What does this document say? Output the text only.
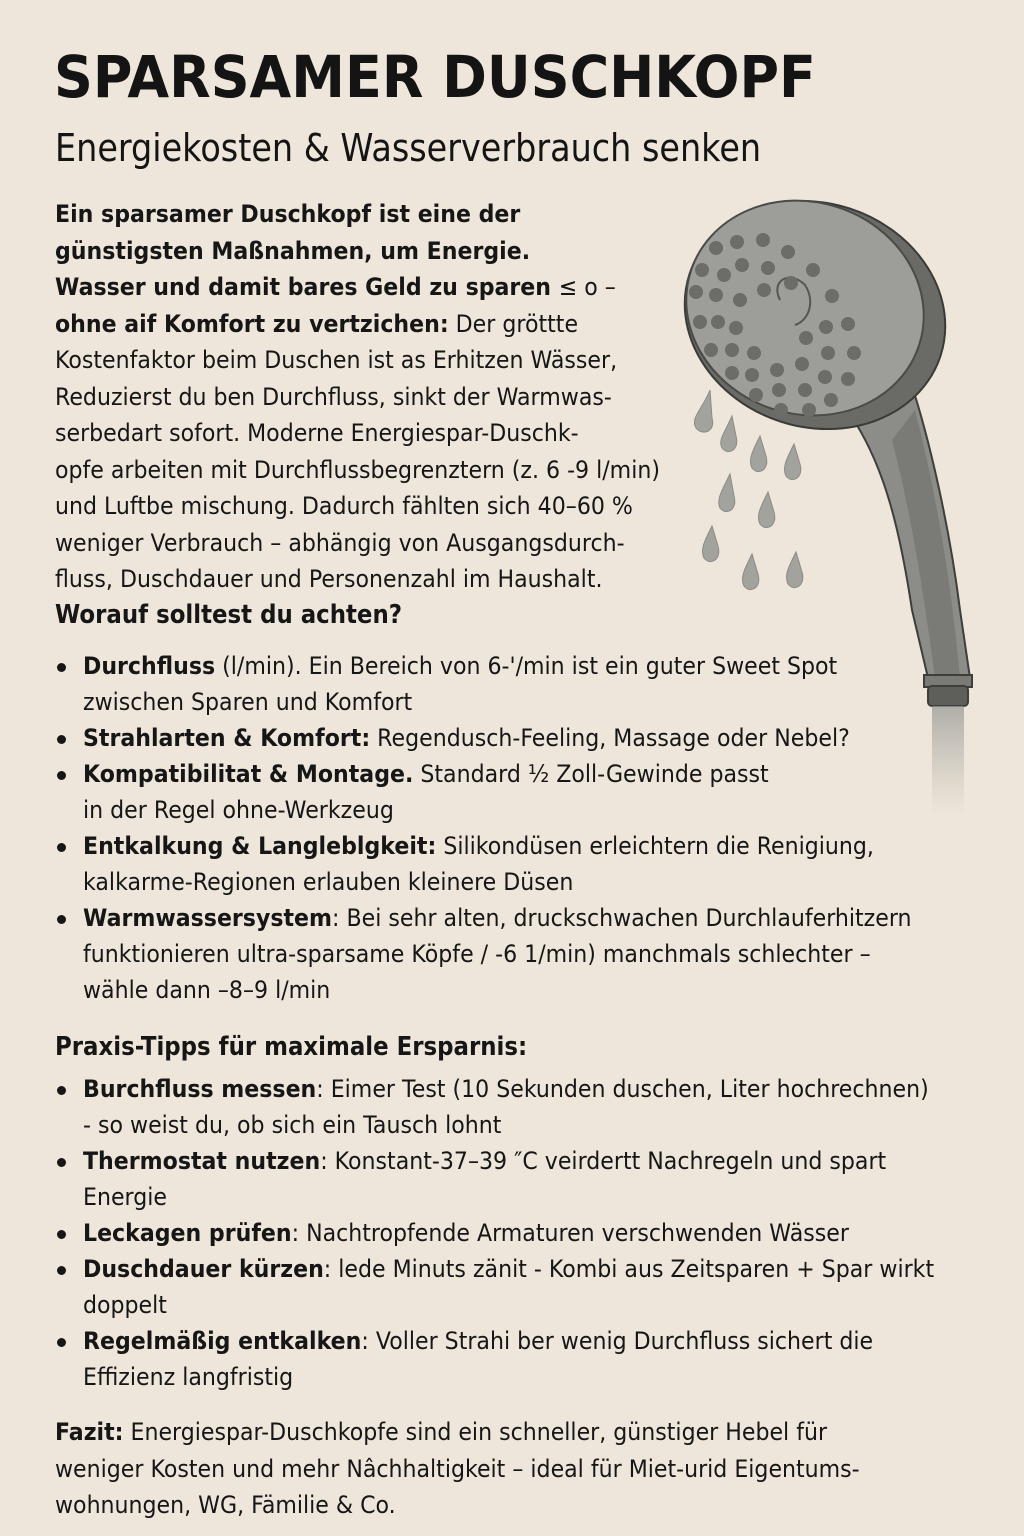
SPARSAMER DUSCHKOPF
Energiekosten & Wasserverbrauch senken
Ein sparsamer Duschkopf ist eine der
günstigsten Maßnahmen, um Energie.
Wasser und damit bares Geld zu sparen ≤ o –
ohne aif Komfort zu vertzichen: Der gröttte
Kostenfaktor beim Duschen ist as Erhitzen Wässer,
Reduzierst du ben Durchfluss, sinkt der Warmwas-
serbedart sofort. Moderne Energiespar-Duschk-
opfe arbeiten mit Durchflussbegrenztern (z. 6 -9 l/min)
und Luftbe mischung. Dadurch fählten sich 40–60 %
weniger Verbrauch – abhängig von Ausgangsdurch-
fluss, Duschdauer und Personenzahl im Haushalt.
Worauf solltest du achten?
Durchfluss (l/min). Ein Bereich von 6-'/min ist ein guter Sweet Spot
zwischen Sparen und Komfort
Strahlarten & Komfort: Regendusch-Feeling, Massage oder Nebel?
Kompatibilitat & Montage. Standard ½ Zoll-Gewinde passt
in der Regel ohne-Werkzeug
Entkalkung & Langleblgkeit: Silikondüsen erleichtern die Renigiung,
kalkarme-Regionen erlauben kleinere Düsen
Warmwassersystem: Bei sehr alten, druckschwachen Durchlauferhitzern
funktionieren ultra-sparsame Köpfe / -6 1/min) manchmals schlechter –
wähle dann –8–9 l/min
Praxis-Tipps für maximale Ersparnis:
Burchfluss messen: Eimer Test (10 Sekunden duschen, Liter hochrechnen)
- so weist du, ob sich ein Tausch lohnt
Thermostat nutzen: Konstant-37–39 ″C veirdertt Nachregeln und spart
Energie
Leckagen prüfen: Nachtropfende Armaturen verschwenden Wässer
Duschdauer kürzen: lede Minuts zänit - Kombi aus Zeitsparen + Spar wirkt
doppelt
Regelmäßig entkalken: Voller Strahi ber wenig Durchfluss sichert die
Effizienz langfristig
Fazit: Energiespar-Duschkopfe sind ein schneller, günstiger Hebel für
weniger Kosten und mehr Nâchhaltigkeit – ideal für Miet-urid Eigentums-
wohnungen, WG, Fämilie & Co.
